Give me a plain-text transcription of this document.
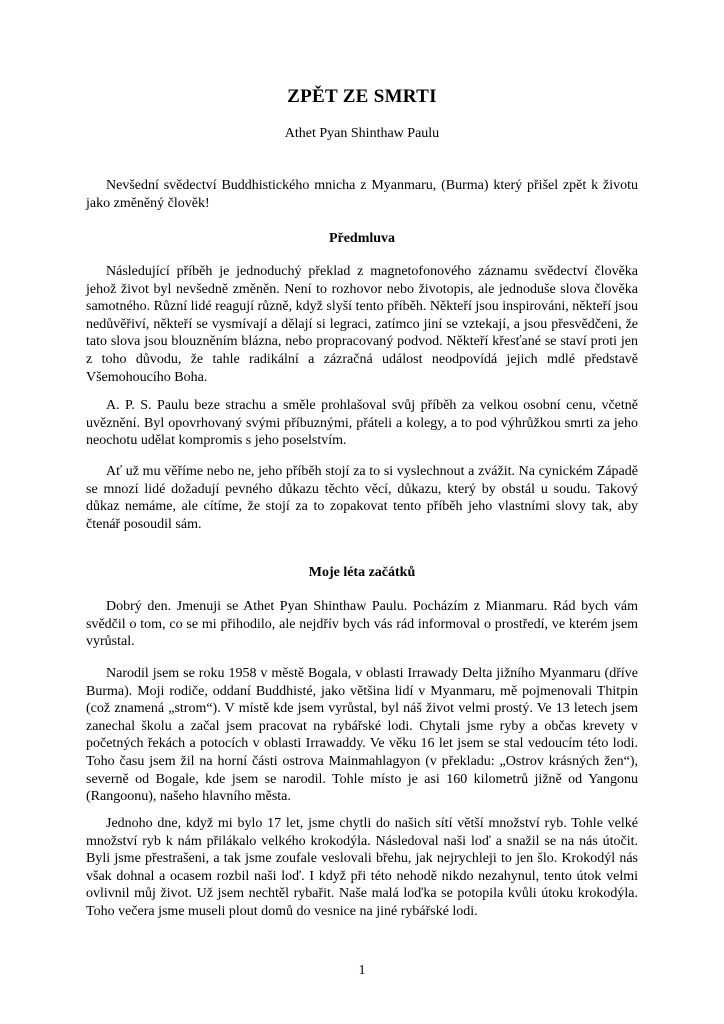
ZPĚT ZE SMRTI
Athet Pyan Shinthaw Paulu

Nevšední svědectví Buddhistického mnicha z Myanmaru, (Burma) který přišel zpět k životu jako změněný člověk!

Předmluva

Následující příběh je jednoduchý překlad z magnetofonového záznamu svědectví člověka jehož život byl nevšedně změněn. Není to rozhovor nebo životopis, ale jednoduše slova člověka samotného. Různí lidé reagují různě, když slyší tento příběh. Někteří jsou inspirováni, někteří jsou nedůvěřiví, někteří se vysmívají a dělají si legraci, zatímco jiní se vztekají, a jsou přesvědčeni, že tato slova jsou blouzněním blázna, nebo propracovaný podvod. Někteří křesťané se staví proti jen z toho důvodu, že tahle radikální a zázračná událost neodpovídá jejich mdlé představě Všemohoucího Boha.

A. P. S. Paulu beze strachu a směle prohlašoval svůj příběh za velkou osobní cenu, včetně uvěznění. Byl opovrhovaný svými příbuznými, přáteli a kolegy, a to pod výhrůžkou smrti za jeho neochotu udělat kompromis s jeho poselstvím.

Ať už mu věříme nebo ne, jeho příběh stojí za to si vyslechnout a zvážit. Na cynickém Západě se mnozí lidé dožadují pevného důkazu těchto věcí, důkazu, který by obstál u soudu. Takový důkaz nemáme, ale cítíme, že stojí za to zopakovat tento příběh jeho vlastními slovy tak, aby čtenář posoudil sám.

Moje léta začátků

Dobrý den. Jmenuji se Athet Pyan Shinthaw Paulu. Pocházím z Mianmaru. Rád bych vám svědčil o tom, co se mi přihodilo, ale nejdřív bych vás rád informoval o prostředí, ve kterém jsem vyrůstal.

Narodil jsem se roku 1958 v městě Bogala, v oblasti Irrawady Delta jižního Myanmaru (dříve Burma). Moji rodiče, oddaní Buddhisté, jako většina lidí v Myanmaru, mě pojmenovali Thitpin (což znamená „strom“). V místě kde jsem vyrůstal, byl náš život velmi prostý. Ve 13 letech jsem zanechal školu a začal jsem pracovat na rybářské lodi. Chytali jsme ryby a občas krevety v početných řekách a potocích v oblasti Irrawaddy. Ve věku 16 let jsem se stal vedoucím této lodi. Toho času jsem žil na horní části ostrova Mainmahlagyon (v překladu: „Ostrov krásných žen“), severně od Bogale, kde jsem se narodil. Tohle místo je asi 160 kilometrů jižně od Yangonu (Rangoonu), našeho hlavního města.

Jednoho dne, když mi bylo 17 let, jsme chytli do našich sítí větší množství ryb. Tohle velké množství ryb k nám přilákalo velkého krokodýla. Následoval naši loď a snažil se na nás útočit. Byli jsme přestrašeni, a tak jsme zoufale veslovali břehu, jak nejrychleji to jen šlo. Krokodýl nás však dohnal a ocasem rozbil naši loď. I když při této nehodě nikdo nezahynul, tento útok velmi ovlivnil můj život. Už jsem nechtěl rybařit. Naše malá loďka se potopila kvůli útoku krokodýla. Toho večera jsme museli plout domů do vesnice na jiné rybářské lodi.

1
